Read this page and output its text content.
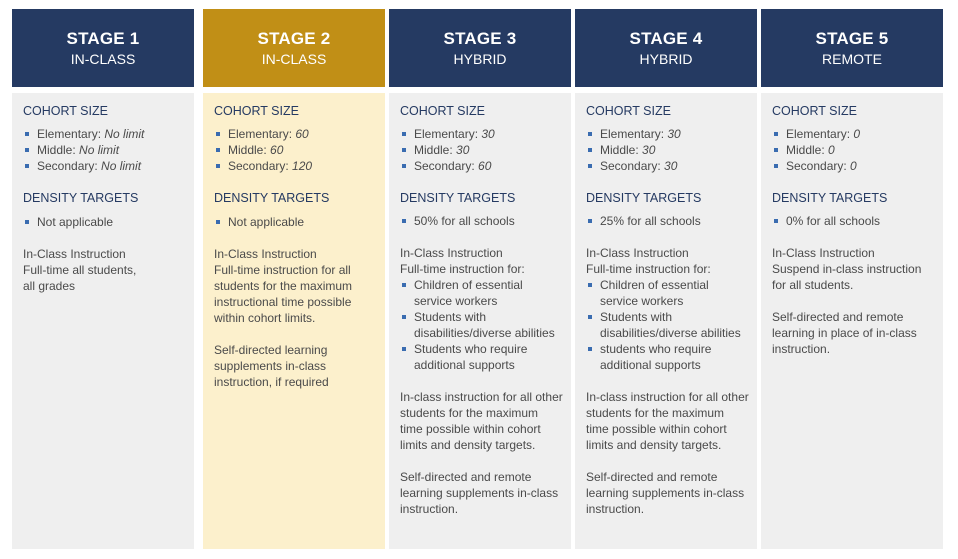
STAGE 1
IN-CLASS
COHORT SIZE
Elementary: No limit
Middle: No limit
Secondary: No limit
DENSITY TARGETS
Not applicable
In-Class Instruction
Full-time all students,
all grades
STAGE 2
IN-CLASS
COHORT SIZE
Elementary: 60
Middle: 60
Secondary: 120
DENSITY TARGETS
Not applicable
In-Class Instruction
Full-time instruction for all students for the maximum instructional time possible within cohort limits.
Self-directed learning supplements in-class instruction, if required
STAGE 3
HYBRID
COHORT SIZE
Elementary: 30
Middle: 30
Secondary: 60
DENSITY TARGETS
50% for all schools
In-Class Instruction
Full-time instruction for:
Children of essential service workers
Students with disabilities/diverse abilities
Students who require additional supports
In-class instruction for all other students for the maximum time possible within cohort limits and density targets.
Self-directed and remote learning supplements in-class instruction.
STAGE 4
HYBRID
COHORT SIZE
Elementary: 30
Middle: 30
Secondary: 30
DENSITY TARGETS
25% for all schools
In-Class Instruction
Full-time instruction for:
Children of essential service workers
Students with disabilities/diverse abilities
students who require additional supports
In-class instruction for all other students for the maximum time possible within cohort limits and density targets.
Self-directed and remote learning supplements in-class instruction.
STAGE 5
REMOTE
COHORT SIZE
Elementary: 0
Middle: 0
Secondary: 0
DENSITY TARGETS
0% for all schools
In-Class Instruction
Suspend in-class instruction for all students.
Self-directed and remote learning in place of in-class instruction.
